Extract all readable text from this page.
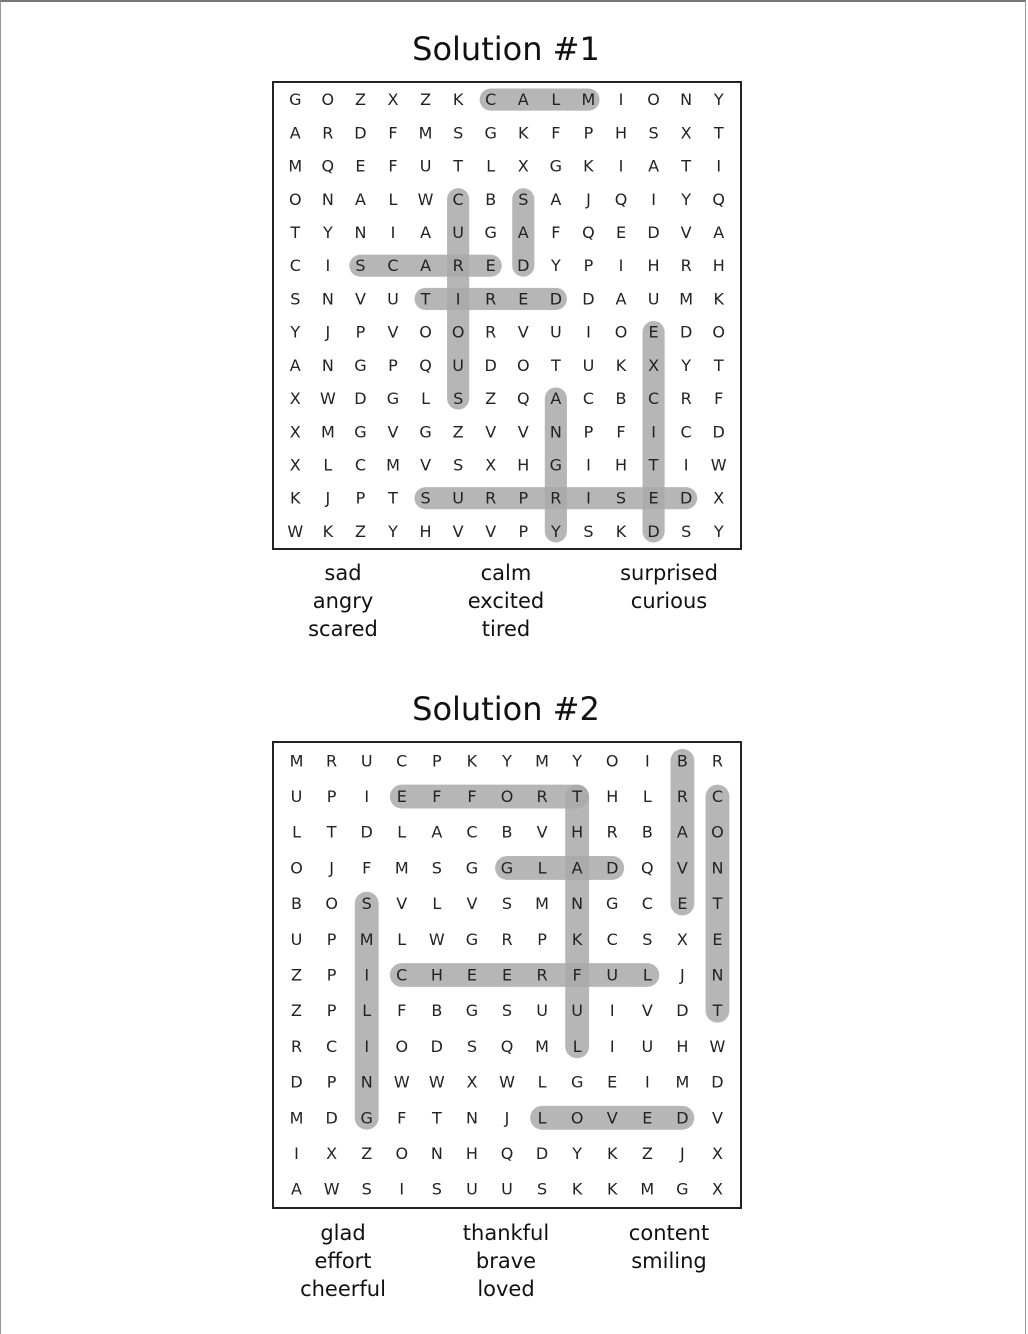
Solution #1
G O Z X Z K C A L M I O N Y
A R D F M S G K F P H S X T
M Q E F U T L X G K I A T I
O N A L W C B S A J Q I Y Q
T Y N I A U G A F Q E D V A
C I S C A R E D Y P I H R H
S N V U T I R E D D A U M K
Y J P V O O R V U I O E D O
A N G P Q U D O T U K X Y T
X W D G L S Z Q A C B C R F
X M G V G Z V V N P F I C D
X L C M V S X H G I H T I W
K J P T S U R P R I S E D X
W K Z Y H V V P Y S K D S Y
sad
angry
scared
calm
excited
tired
surprised
curious
Solution #2
M R U C P K Y M Y O I B R
U P I E F F O R T H L R C
L T D L A C B V H R B A O
O J F M S G G L A D Q V N
B O S V L V S M N G C E T
U P M L W G R P K C S X E
Z P I C H E E R F U L J N
Z P L F B G S U U I V D T
R C I O D S Q M L I U H W
D P N W W X W L G E I M D
M D G F T N J L O V E D V
I X Z O N H Q D Y K Z J X
A W S I S U U S K K M G X
glad
effort
cheerful
thankful
brave
loved
content
smiling
